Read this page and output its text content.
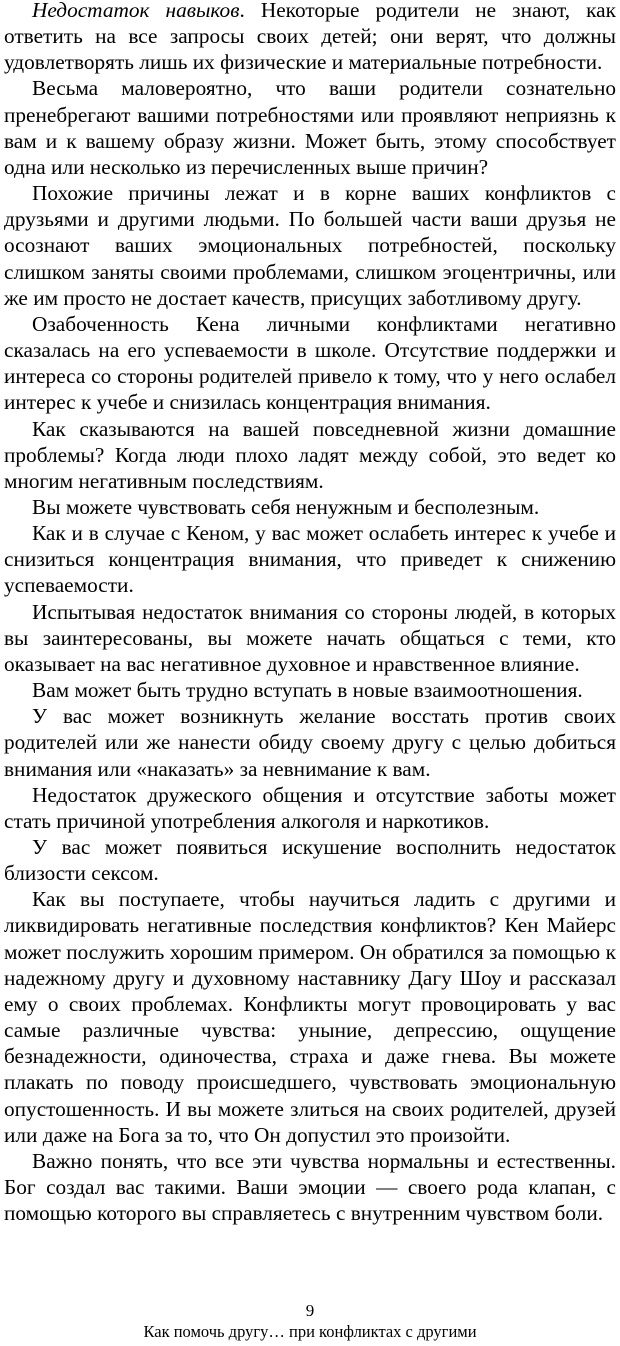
Недостаток навыков. Некоторые родители не знают, как ответить на все запросы своих детей; они верят, что должны удовлетворять лишь их физические и материальные потребности.

Весьма маловероятно, что ваши родители сознательно пренебрегают вашими потребностями или проявляют неприязнь к вам и к вашему образу жизни. Может быть, этому способствует одна или несколько из перечисленных выше причин?

Похожие причины лежат и в корне ваших конфликтов с друзьями и другими людьми. По большей части ваши друзья не осознают ваших эмоциональных потребностей, поскольку слишком заняты своими проблемами, слишком эгоцентричны, или же им просто не достает качеств, присущих заботливому другу.

Озабоченность Кена личными конфликтами негативно сказалась на его успеваемости в школе. Отсутствие поддержки и интереса со стороны родителей привело к тому, что у него ослабел интерес к учебе и снизилась концентрация внимания.

Как сказываются на вашей повседневной жизни домашние проблемы? Когда люди плохо ладят между собой, это ведет ко многим негативным последствиям.

Вы можете чувствовать себя ненужным и бесполезным.

Как и в случае с Кеном, у вас может ослабеть интерес к учебе и снизиться концентрация внимания, что приведет к снижению успеваемости.

Испытывая недостаток внимания со стороны людей, в которых вы заинтересованы, вы можете начать общаться с теми, кто оказывает на вас негативное духовное и нравственное влияние.

Вам может быть трудно вступать в новые взаимоотношения.

У вас может возникнуть желание восстать против своих родителей или же нанести обиду своему другу с целью добиться внимания или «наказать» за невнимание к вам.

Недостаток дружеского общения и отсутствие заботы может стать причиной употребления алкоголя и наркотиков.

У вас может появиться искушение восполнить недостаток близости сексом.

Как вы поступаете, чтобы научиться ладить с другими и ликвидировать негативные последствия конфликтов? Кен Майерс может послужить хорошим примером. Он обратился за помощью к надежному другу и духовному наставнику Дагу Шоу и рассказал ему о своих проблемах. Конфликты могут провоцировать у вас самые различные чувства: уныние, депрессию, ощущение безнадежности, одиночества, страха и даже гнева. Вы можете плакать по поводу происшедшего, чувствовать эмоциональную опустошенность. И вы можете злиться на своих родителей, друзей или даже на Бога за то, что Он допустил это произойти.

Важно понять, что все эти чувства нормальны и естественны. Бог создал вас такими. Ваши эмоции — своего рода клапан, с помощью которого вы справляетесь с внутренним чувством боли.

9
Как помочь другу… при конфликтах с другими
